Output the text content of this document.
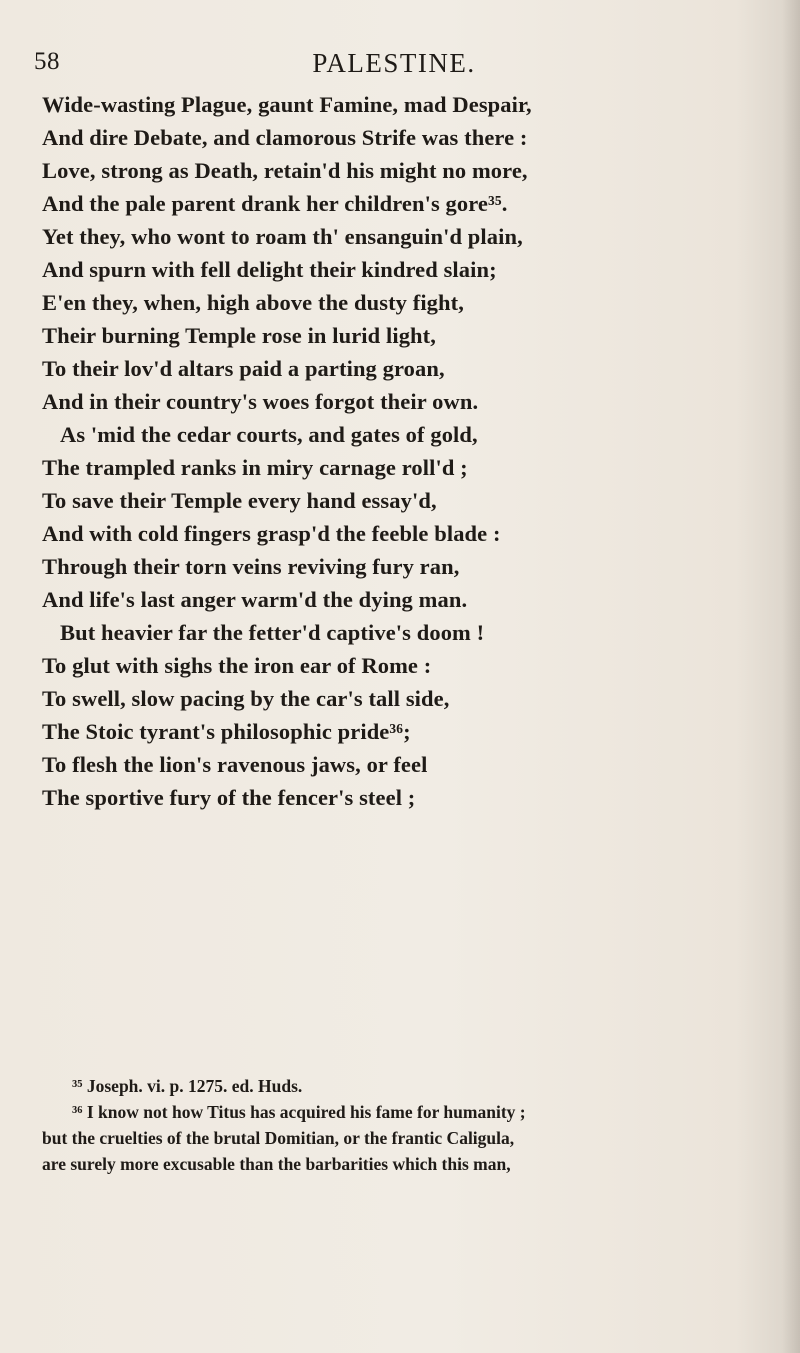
58	PALESTINE.
Wide-wasting Plague, gaunt Famine, mad Despair,
And dire Debate, and clamorous Strife was there :
Love, strong as Death, retain'd his might no more,
And the pale parent drank her children's gore³⁵.
Yet they, who wont to roam th' ensanguin'd plain,
And spurn with fell delight their kindred slain;
E'en they, when, high above the dusty fight,
Their burning Temple rose in lurid light,
To their lov'd altars paid a parting groan,
And in their country's woes forgot their own.
As 'mid the cedar courts, and gates of gold,
The trampled ranks in miry carnage roll'd ;
To save their Temple every hand essay'd,
And with cold fingers grasp'd the feeble blade :
Through their torn veins reviving fury ran,
And life's last anger warm'd the dying man.
But heavier far the fetter'd captive's doom !
To glut with sighs the iron ear of Rome :
To swell, slow pacing by the car's tall side,
The Stoic tyrant's philosophic pride³⁶;
To flesh the lion's ravenous jaws, or feel
The sportive fury of the fencer's steel ;
³⁵ Joseph. vi. p. 1275. ed. Huds.
³⁶ I know not how Titus has acquired his fame for humanity ;
but the cruelties of the brutal Domitian, or the frantic Caligula,
are surely more excusable than the barbarities which this man,
